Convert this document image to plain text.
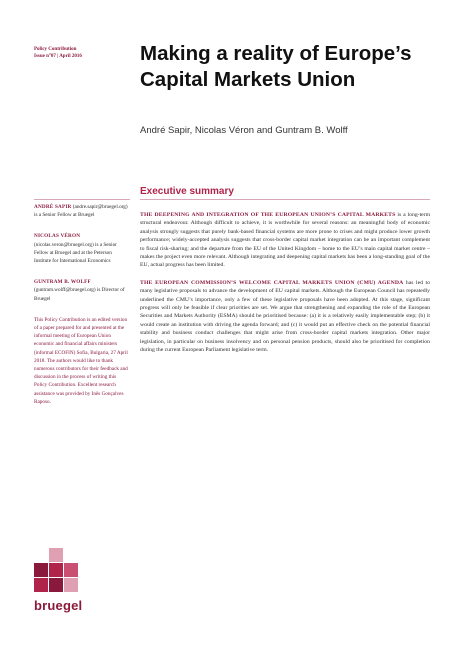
Policy Contribution
Issue n°07 | April 2016	Making a reality of Europe’s Capital Markets Union

André Sapir, Nicolas Véron and Guntram B. Wolff

Executive summary

ANDRÉ SAPIR (andre.sapir@bruegel.org) is a Senior Fellow at Bruegel

NICOLAS VÉRON (nicolas.veron@bruegel.org) is a Senior Fellow at Bruegel and at the Peterson Institute for International Economics

GUNTRAM B. WOLFF (guntram.wolff@bruegel.org) is Director of Bruegel

This Policy Contribution is an edited version of a paper prepared for and presented at the informal meeting of European Union economic and financial affairs ministers (informal ECOFIN) Sofia, Bulgaria, 27 April 2018. The authors would like to thank numerous contributors for their feedback and discussion in the process of writing this Policy Contribution. Excellent research assistance was provided by Inês Gonçalves Raposo.

THE DEEPENING AND INTEGRATION OF THE EUROPEAN UNION’S CAPITAL MARKETS is a long-term structural endeavour. Although difficult to achieve, it is worthwhile for several reasons: an meaningful body of economic analysis strongly suggests that purely bank-based financial systems are more prone to crises and might produce lower growth performance; widely-accepted analysis suggests that cross-border capital market integration can be an important complement to fiscal risk-sharing; and the departure from the EU of the United Kingdom – home to the EU’s main capital market centre – makes the project even more relevant. Although integrating and deepening capital markets has been a long-standing goal of the EU, actual progress has been limited.

THE EUROPEAN COMMISSION’S WELCOME CAPITAL MARKETS UNION (CMU) AGENDA has led to many legislative proposals to advance the development of EU capital markets. Although the European Council has repeatedly underlined the CMU’s importance, only a few of these legislative proposals have been adopted. At this stage, significant progress will only be feasible if clear priorities are set. We argue that strengthening and expanding the role of the European Securities and Markets Authority (ESMA) should be prioritised because: (a) it is a relatively easily implementable step; (b) it would create an institution with driving the agenda forward; and (c) it would put an effective check on the potential financial stability and business conduct challenges that might arise from cross-border capital markets integration. Other major legislation, in particular on business insolvency and on personal pension products, should also be prioritised for completion during the current European Parliament legislative term.

bruegel
